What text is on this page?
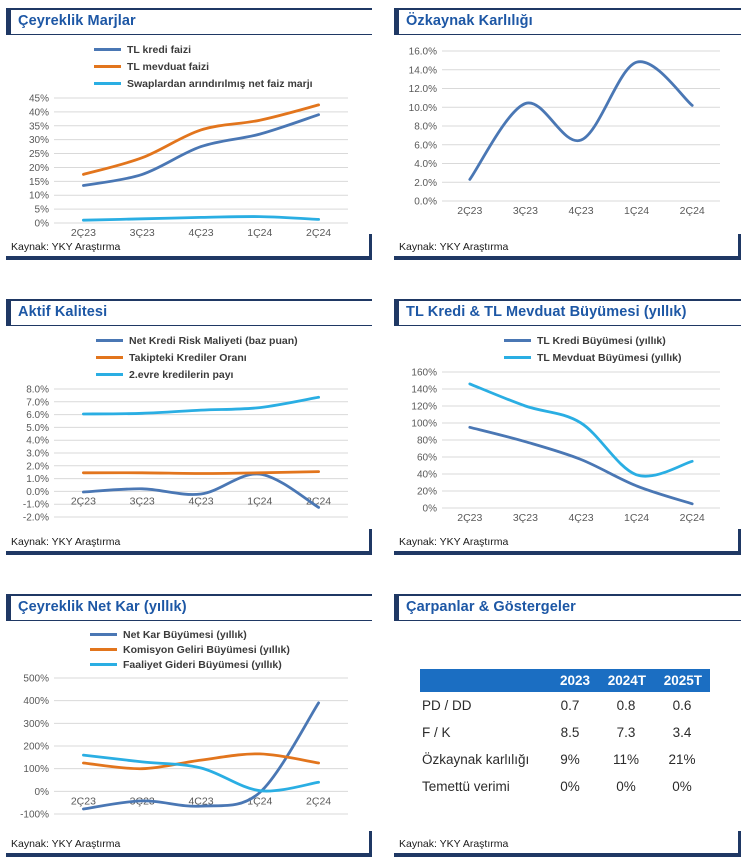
Çeyreklik Marjlar
TL kredi faizi
TL mevduat faizi
Swaplardan arındırılmış net faiz marjı
45%
40%
35%
30%
25%
20%
15%
10%
5%
0%
2Ç23	3Ç23	4Ç23	1Ç24	2Ç24
Kaynak: YKY Araştırma
Özkaynak Karlılığı
16.0%
14.0%
12.0%
10.0%
8.0%
6.0%
4.0%
2.0%
0.0%
2Ç23	3Ç23	4Ç23	1Ç24	2Ç24
Kaynak: YKY Araştırma
Aktif Kalitesi
Net Kredi Risk Maliyeti (baz puan)
Takipteki Krediler Oranı
2.evre kredilerin payı
8.0%
7.0%
6.0%
5.0%
4.0%
3.0%
2.0%
1.0%
0.0%
-1.0%
-2.0%
2Ç23	3Ç23	4Ç23	1Ç24	2Ç24
Kaynak: YKY Araştırma
TL Kredi & TL Mevduat Büyümesi (yıllık)
TL Kredi Büyümesi (yıllık)
TL Mevduat Büyümesi (yıllık)
160%
140%
120%
100%
80%
60%
40%
20%
0%
2Ç23	3Ç23	4Ç23	1Ç24	2Ç24
Kaynak: YKY Araştırma
Çeyreklik Net Kar (yıllık)
Net Kar Büyümesi (yıllık)
Komisyon Geliri Büyümesi (yıllık)
Faaliyet Gideri Büyümesi (yıllık)
500%
400%
300%
200%
100%
0%
-100%
2Ç23	3Ç23	4Ç23	1Ç24	2Ç24
Kaynak: YKY Araştırma
Çarpanlar & Göstergeler
	2023	2024T	2025T
PD / DD	0.7	0.8	0.6
F / K	8.5	7.3	3.4
Özkaynak karlılığı	9%	11%	21%
Temettü verimi	0%	0%	0%
Kaynak: YKY Araştırma
